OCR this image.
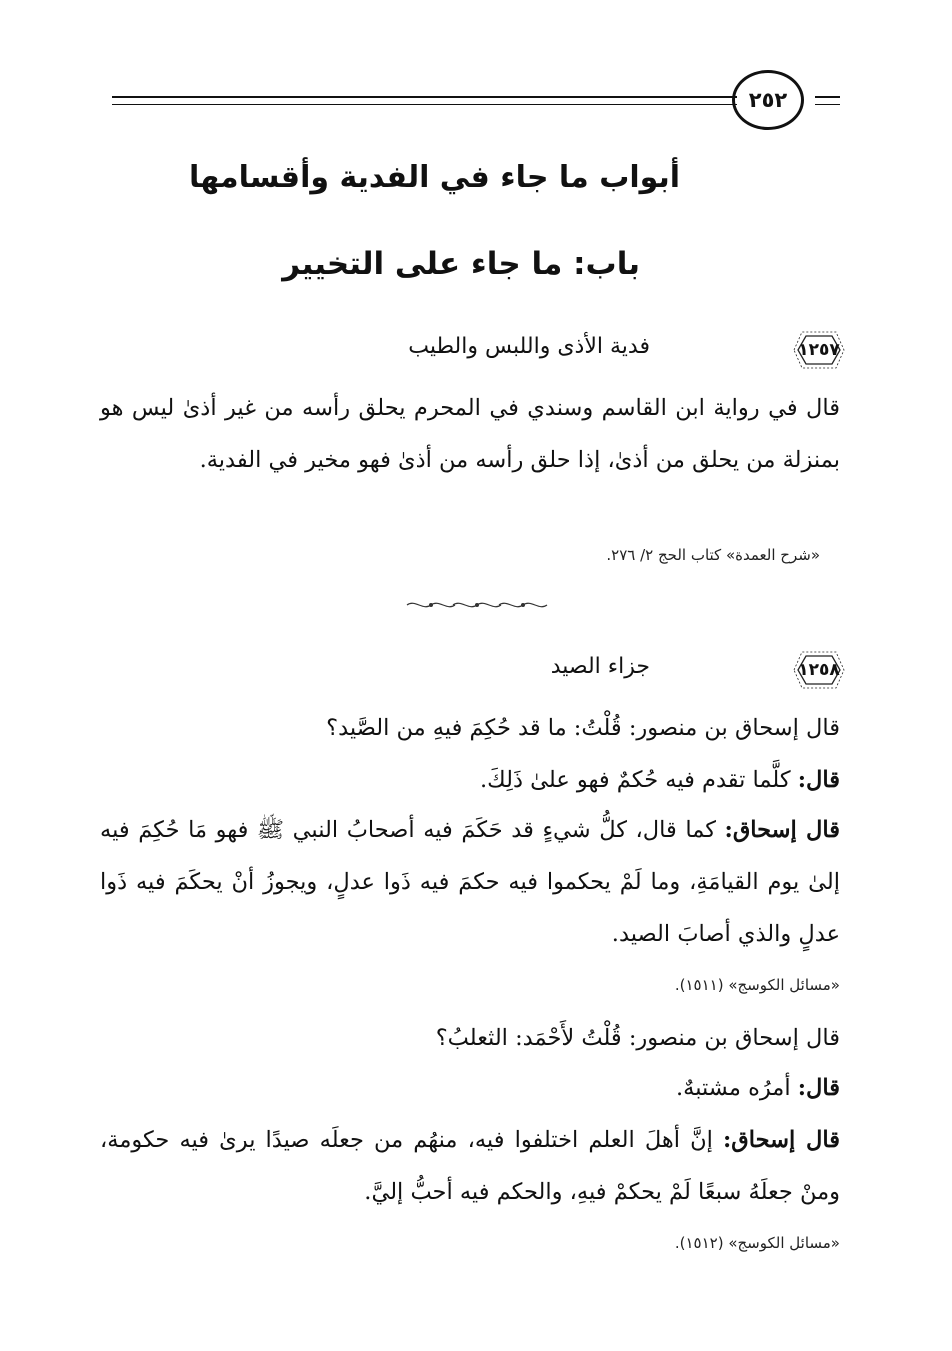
٢٥٢
أبواب ما جاء في الفدية وأقسامها
باب: ما جاء على التخيير
١٢٥٧
فدية الأذى واللبس والطيب

قال في رواية ابن القاسم وسندي في المحرم يحلق رأسه من غير أذىٰ ليس هو بمنزلة من يحلق من أذىٰ، إذا حلق رأسه من أذىٰ فهو مخير في الفدية.

«شرح العمدة» كتاب الحج ٢/ ٢٧٦.
١٢٥٨
جزاء الصيد

قال إسحاق بن منصور: قُلْتُ: ما قد حُكِمَ فيهِ من الصَّيد؟

قال: كلَّما تقدم فيه حُكمٌ فهو علىٰ ذَلِكَ.

قال إسحاق: كما قال، كلُّ شيءٍ قد حَكَمَ فيه أصحابُ النبي ﷺ فهو مَا حُكِمَ فيه إلىٰ يوم القيامَةِ، وما لَمْ يحكموا فيه حكمَ فيه ذَوا عدلٍ، ويجوزُ أنْ يحكَمَ فيه ذَوا عدلٍ والذي أصابَ الصيد.

«مسائل الكوسج» (١٥١١).

قال إسحاق بن منصور: قُلْتُ لأَحْمَد: الثعلبُ؟

قال: أمرُه مشتبهٌ.

قال إسحاق: إنَّ أهلَ العلم اختلفوا فيه، منهُم من جعلَه صيدًا يرىٰ فيه حكومة، ومنْ جعلَهُ سبعًا لَمْ يحكمْ فيهِ، والحكم فيه أحبُّ إليَّ.

«مسائل الكوسج» (١٥١٢).
